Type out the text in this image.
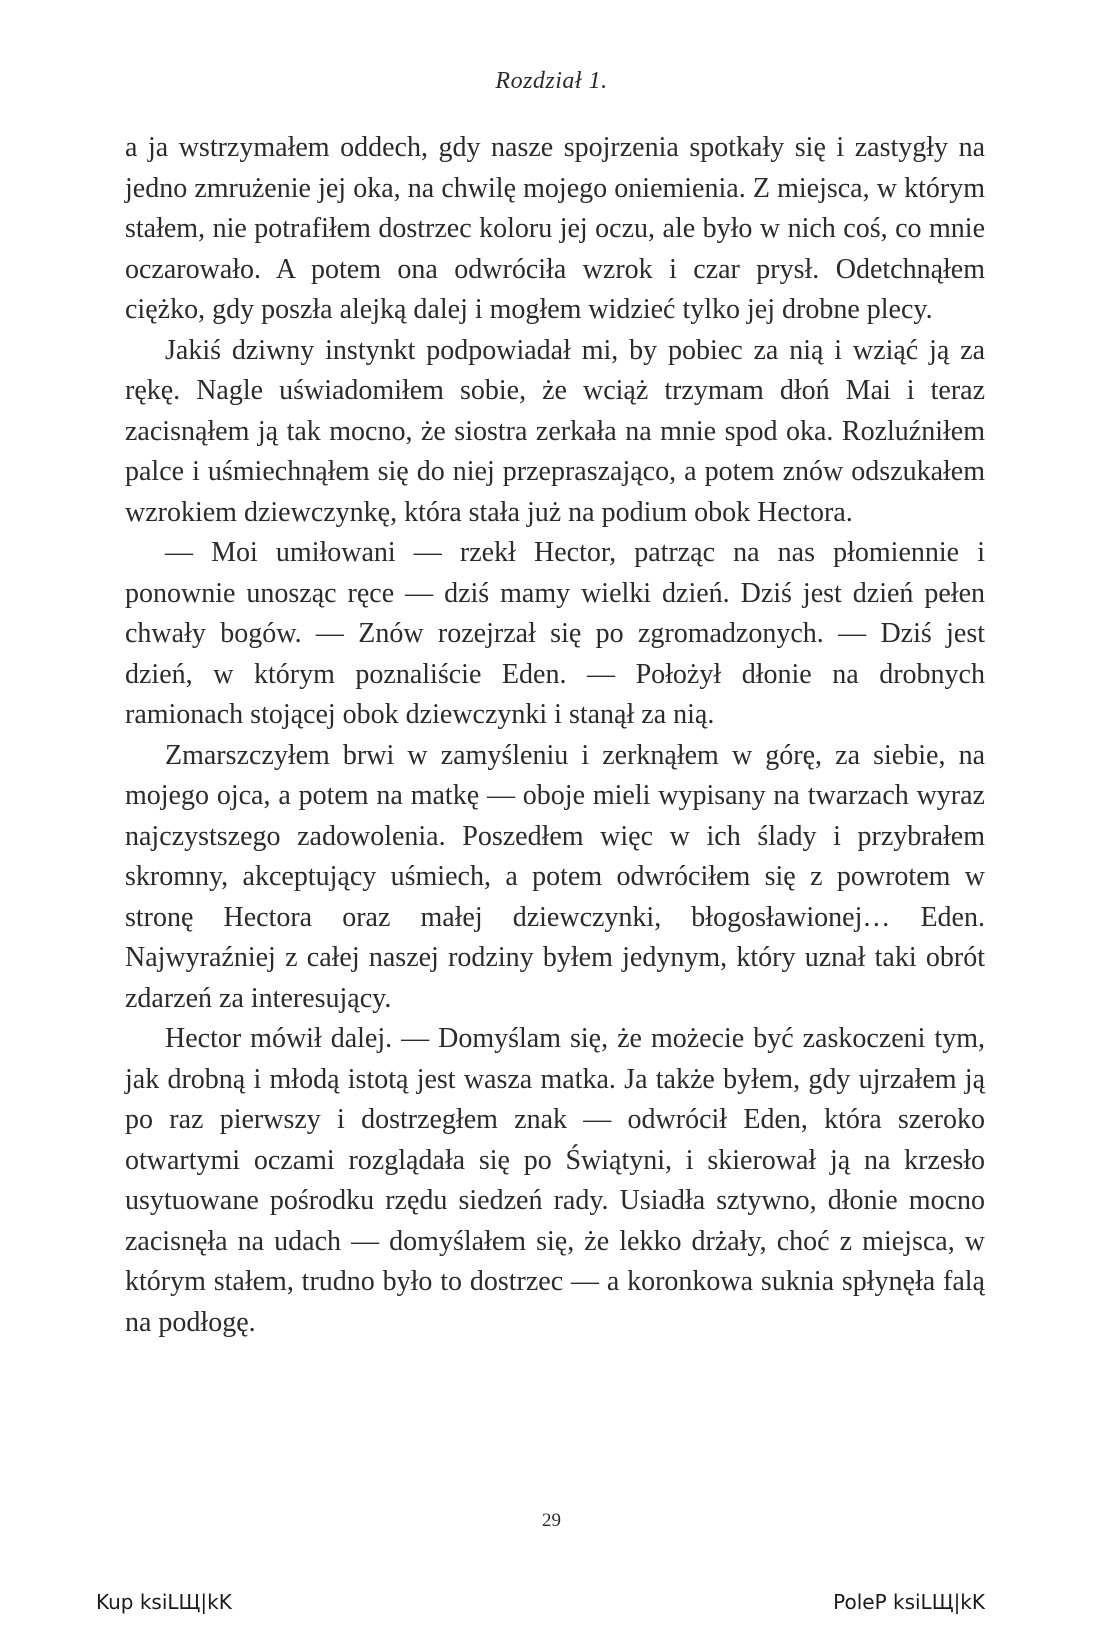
Rozdział 1.

a ja wstrzymałem oddech, gdy nasze spojrzenia spotkały się i zastygły na jedno zmrużenie jej oka, na chwilę mojego oniemienia. Z miejsca, w którym stałem, nie potrafiłem dostrzec koloru jej oczu, ale było w nich coś, co mnie oczarowało. A potem ona odwróciła wzrok i czar prysł. Odetchnąłem ciężko, gdy poszła alejką dalej i mogłem widzieć tylko jej drobne plecy.

Jakiś dziwny instynkt podpowiadał mi, by pobiec za nią i wziąć ją za rękę. Nagle uświadomiłem sobie, że wciąż trzymam dłoń Mai i teraz zacisnąłem ją tak mocno, że siostra zerkała na mnie spod oka. Rozluźniłem palce i uśmiechnąłem się do niej przepraszająco, a potem znów odszukałem wzrokiem dziewczynkę, która stała już na podium obok Hectora.

— Moi umiłowani — rzekł Hector, patrząc na nas płomiennie i ponownie unosząc ręce — dziś mamy wielki dzień. Dziś jest dzień pełen chwały bogów. — Znów rozejrzał się po zgromadzonych. — Dziś jest dzień, w którym poznaliście Eden. — Położył dłonie na drobnych ramionach stojącej obok dziewczynki i stanął za nią.

Zmarszczyłem brwi w zamyśleniu i zerknąłem w górę, za siebie, na mojego ojca, a potem na matkę — oboje mieli wypisany na twarzach wyraz najczystszego zadowolenia. Poszedłem więc w ich ślady i przybrałem skromny, akceptujący uśmiech, a potem odwróciłem się z powrotem w stronę Hectora oraz małej dziewczynki, błogosławionej… Eden. Najwyraźniej z całej naszej rodziny byłem jedynym, który uznał taki obrót zdarzeń za interesujący.

Hector mówił dalej. — Domyślam się, że możecie być zaskoczeni tym, jak drobną i młodą istotą jest wasza matka. Ja także byłem, gdy ujrzałem ją po raz pierwszy i dostrzegłem znak — odwrócił Eden, która szeroko otwartymi oczami rozglądała się po Świątyni, i skierował ją na krzesło usytuowane pośrodku rzędu siedzeń rady. Usiadła sztywno, dłonie mocno zacisnęła na udach — domyślałem się, że lekko drżały, choć z miejsca, w którym stałem, trudno było to dostrzec — a koronkowa suknia spłynęła falą na podłogę.

29
Kup ksiLЩ|kK	PoleP ksiLЩ|kK
